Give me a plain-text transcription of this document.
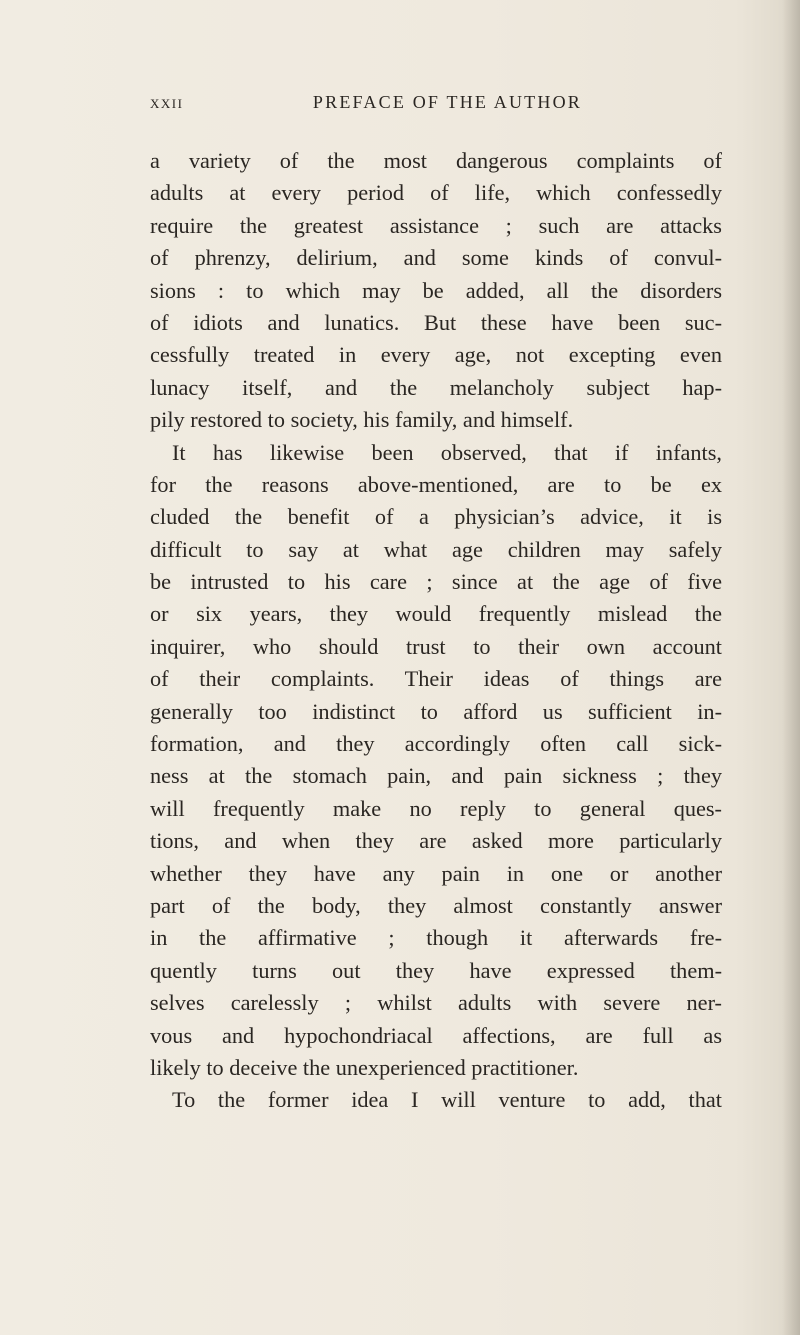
xxii	PREFACE OF THE AUTHOR
a variety of the most dangerous complaints of
adults at every period of life, which confessedly
require the greatest assistance ; such are attacks
of phrenzy, delirium, and some kinds of convul-
sions : to which may be added, all the disorders
of idiots and lunatics. But these have been suc-
cessfully treated in every age, not excepting even
lunacy itself, and the melancholy subject hap-
pily restored to society, his family, and himself.
It has likewise been observed, that if infants,
for the reasons above-mentioned, are to be ex
cluded the benefit of a physician’s advice, it is
difficult to say at what age children may safely
be intrusted to his care ; since at the age of five
or six years, they would frequently mislead the
inquirer, who should trust to their own account
of their complaints. Their ideas of things are
generally too indistinct to afford us sufficient in-
formation, and they accordingly often call sick-
ness at the stomach pain, and pain sickness ; they
will frequently make no reply to general ques-
tions, and when they are asked more particularly
whether they have any pain in one or another
part of the body, they almost constantly answer
in the affirmative ; though it afterwards fre-
quently turns out they have expressed them-
selves carelessly ; whilst adults with severe ner-
vous and hypochondriacal affections, are full as
likely to deceive the unexperienced practitioner.
To the former idea I will venture to add, that
